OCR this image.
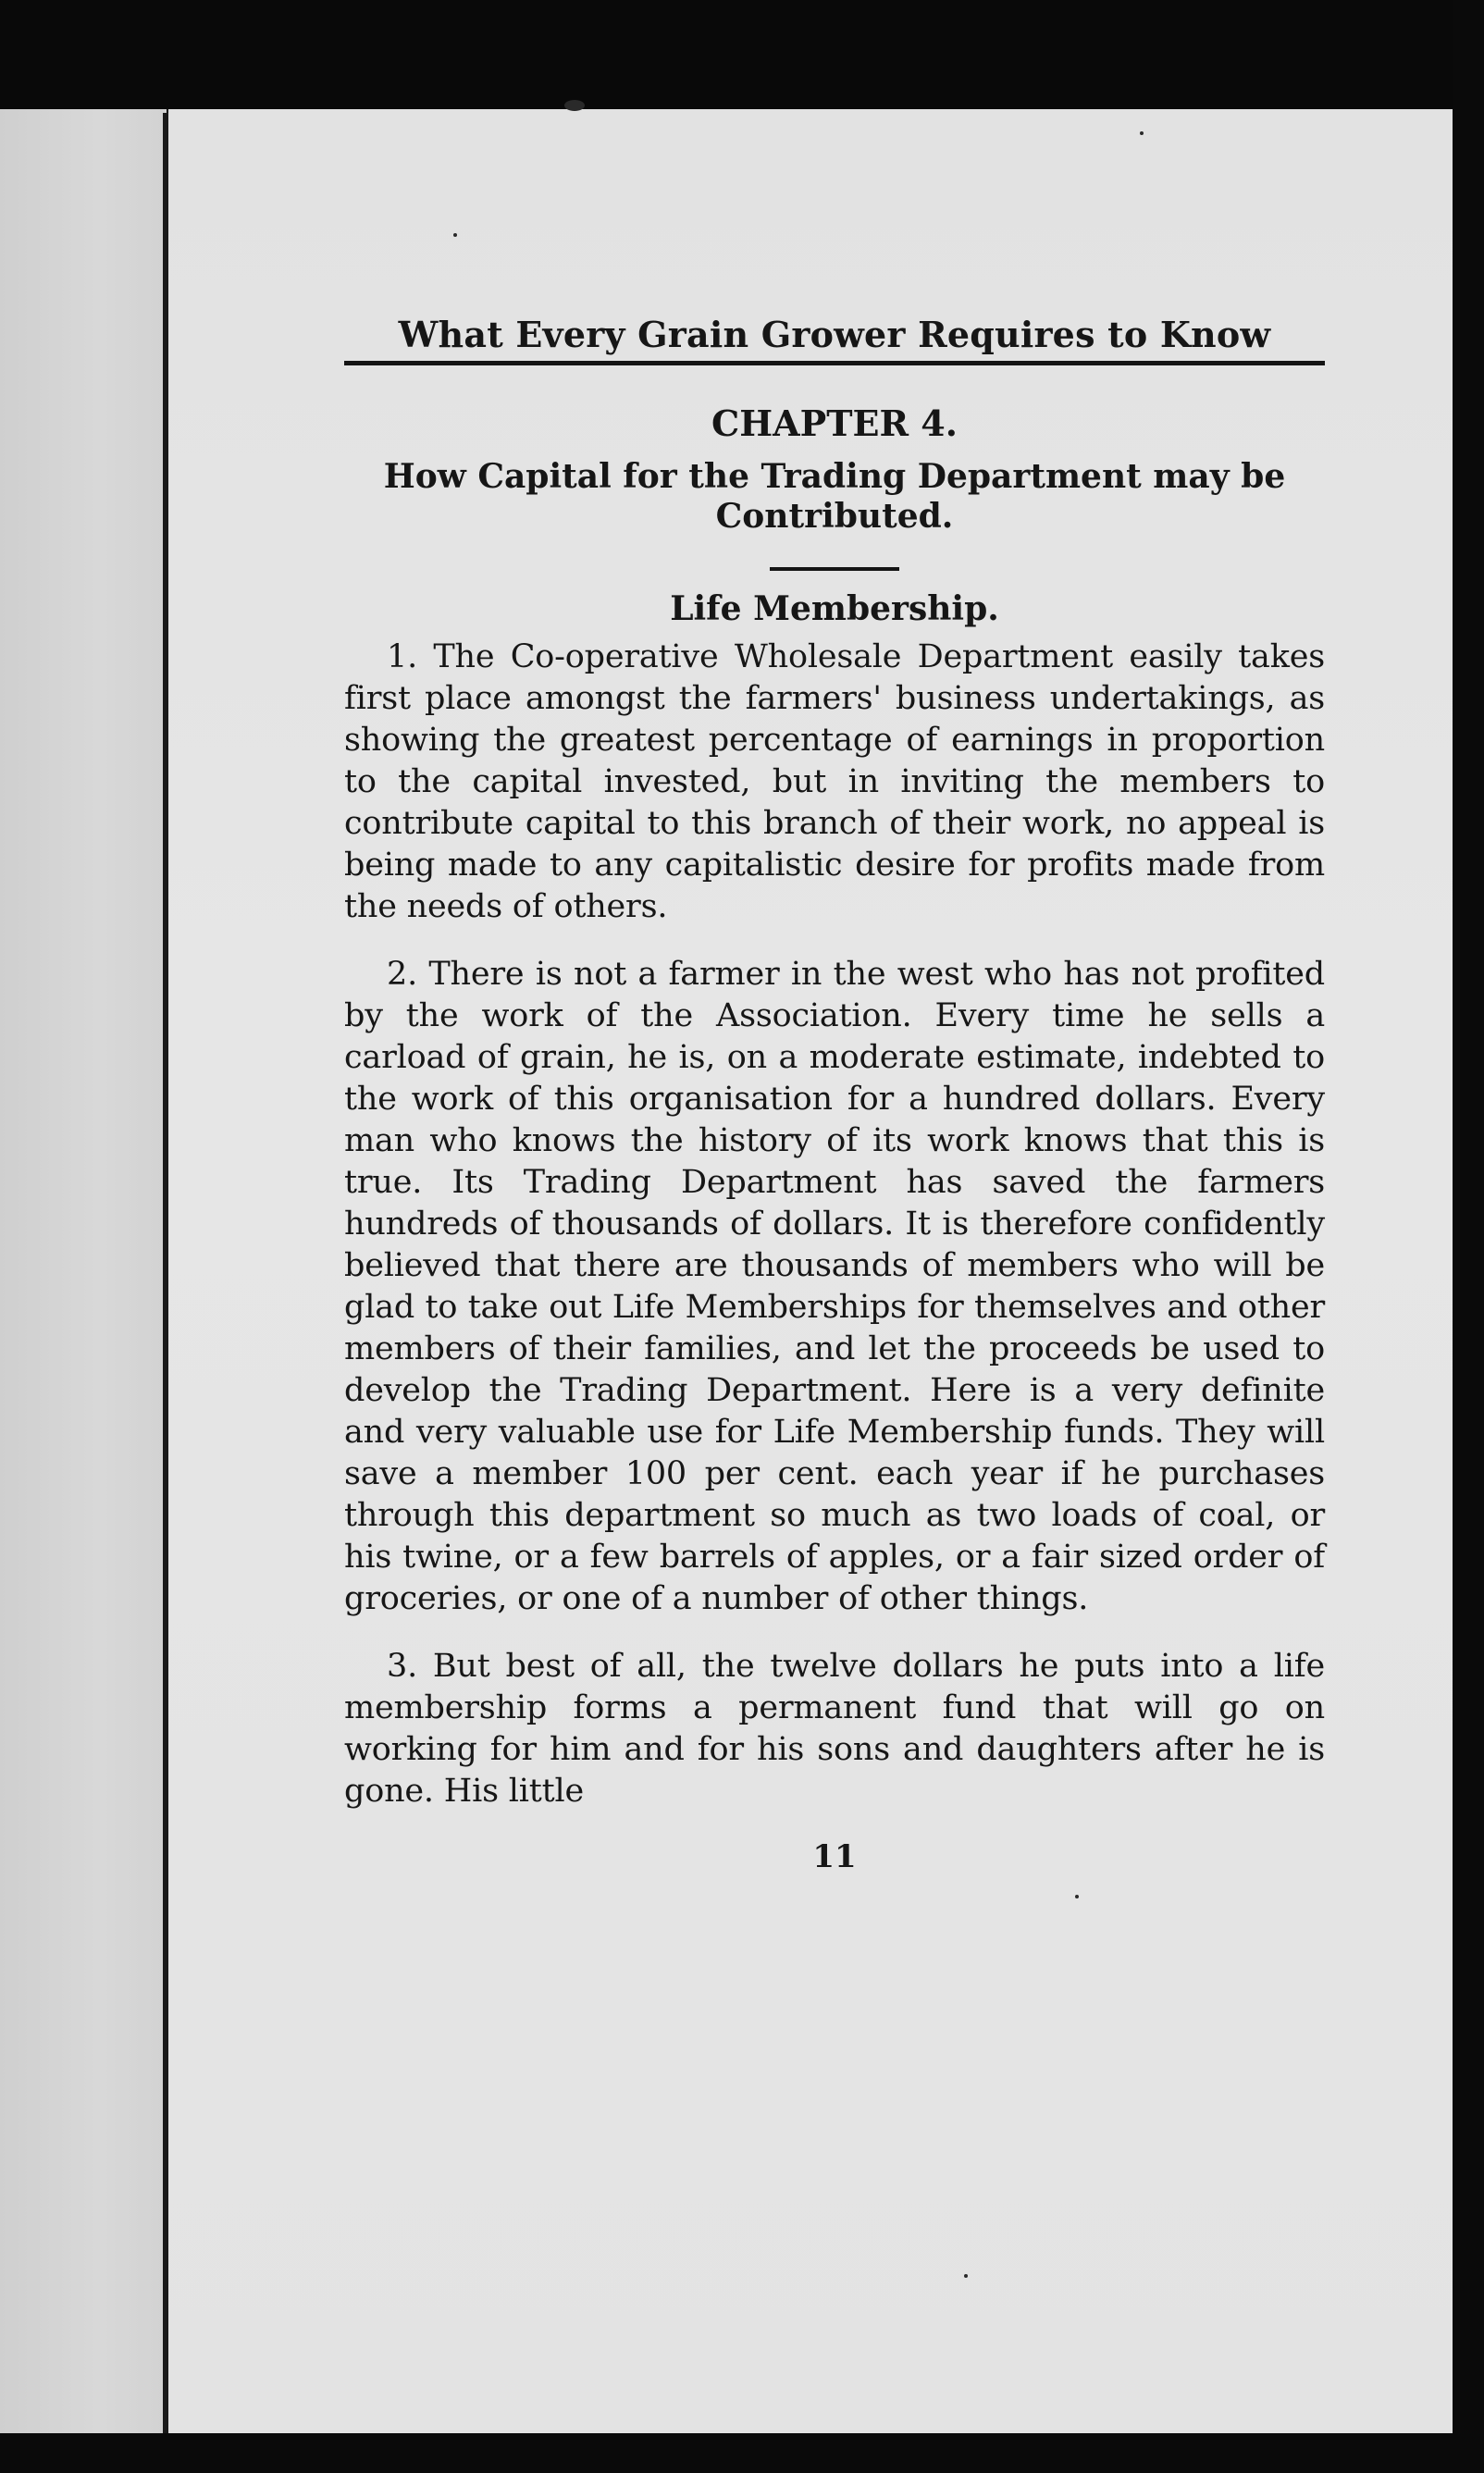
What Every Grain Grower Requires to Know
CHAPTER 4.
How Capital for the Trading Department may be Contributed.
Life Membership.

1. The Co-operative Wholesale Department easily takes first place amongst the farmers' business undertakings, as showing the greatest percentage of earnings in proportion to the capital invested, but in inviting the members to contribute capital to this branch of their work, no appeal is being made to any capitalistic desire for profits made from the needs of others.

2. There is not a farmer in the west who has not profited by the work of the Association. Every time he sells a carload of grain, he is, on a moderate estimate, indebted to the work of this organisation for a hundred dollars. Every man who knows the history of its work knows that this is true. Its Trading Department has saved the farmers hundreds of thousands of dollars. It is therefore confidently believed that there are thousands of members who will be glad to take out Life Memberships for themselves and other members of their families, and let the proceeds be used to develop the Trading Department. Here is a very definite and very valuable use for Life Membership funds. They will save a member 100 per cent. each year if he purchases through this department so much as two loads of coal, or his twine, or a few barrels of apples, or a fair sized order of groceries, or one of a number of other things.

3. But best of all, the twelve dollars he puts into a life membership forms a permanent fund that will go on working for him and for his sons and daughters after he is gone. His little

11
